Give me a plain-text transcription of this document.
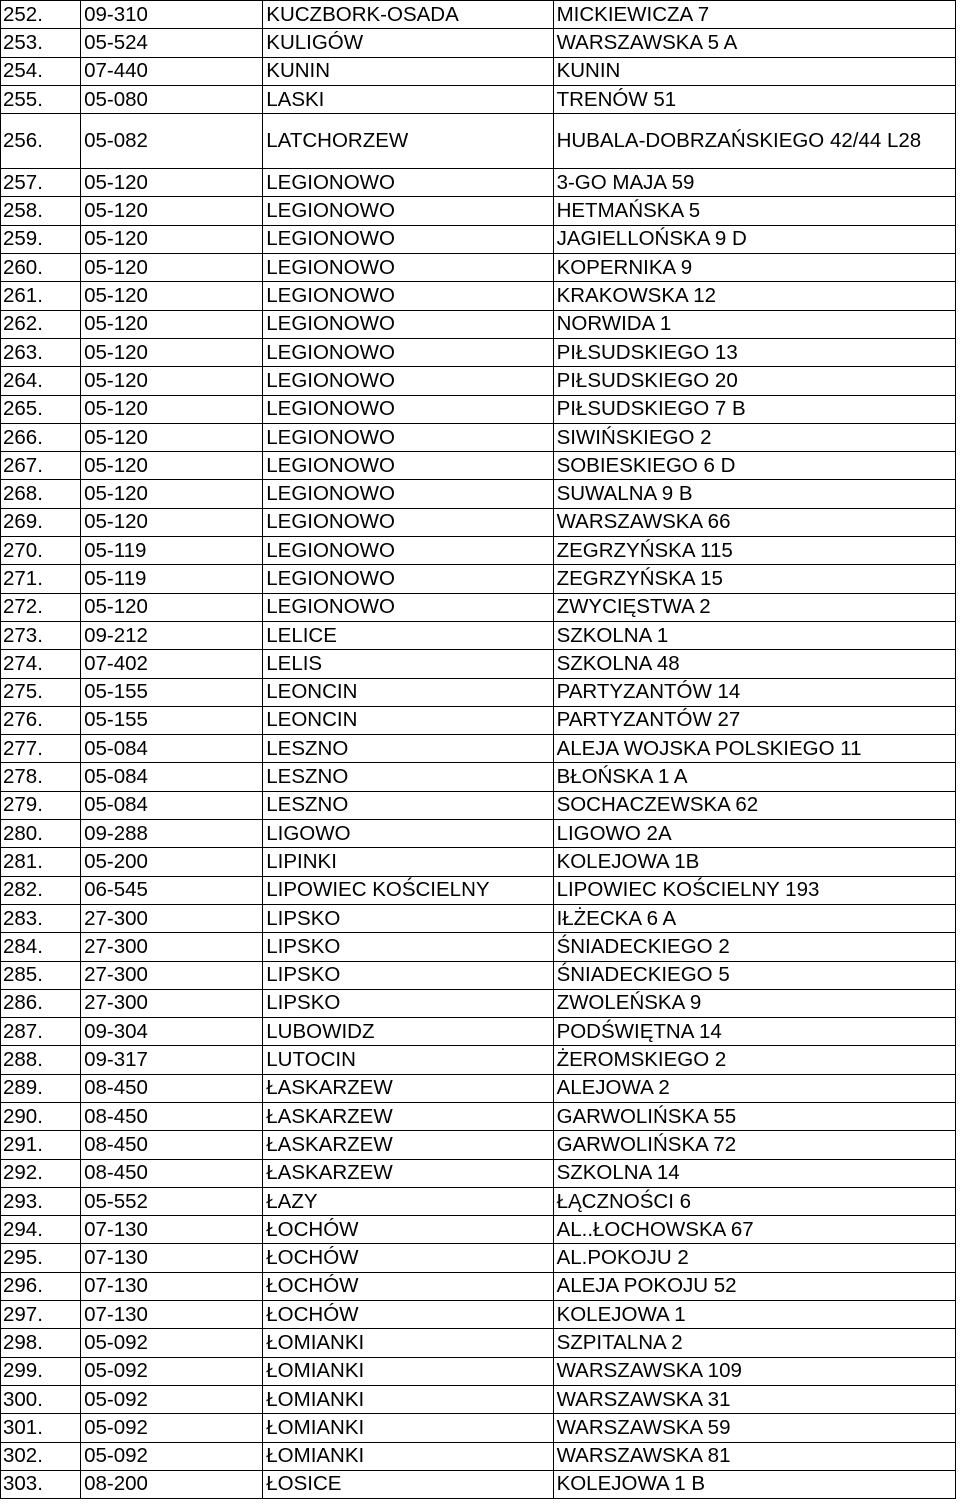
252.	09-310	KUCZBORK-OSADA	MICKIEWICZA 7
253.	05-524	KULIGÓW	WARSZAWSKA 5 A
254.	07-440	KUNIN	KUNIN
255.	05-080	LASKI	TRENÓW 51
256.	05-082	LATCHORZEW	HUBALA-DOBRZAŃSKIEGO 42/44 L28
257.	05-120	LEGIONOWO	3-GO MAJA 59
258.	05-120	LEGIONOWO	HETMAŃSKA 5
259.	05-120	LEGIONOWO	JAGIELLOŃSKA 9 D
260.	05-120	LEGIONOWO	KOPERNIKA 9
261.	05-120	LEGIONOWO	KRAKOWSKA 12
262.	05-120	LEGIONOWO	NORWIDA 1
263.	05-120	LEGIONOWO	PIŁSUDSKIEGO 13
264.	05-120	LEGIONOWO	PIŁSUDSKIEGO 20
265.	05-120	LEGIONOWO	PIŁSUDSKIEGO 7 B
266.	05-120	LEGIONOWO	SIWIŃSKIEGO 2
267.	05-120	LEGIONOWO	SOBIESKIEGO 6 D
268.	05-120	LEGIONOWO	SUWALNA 9 B
269.	05-120	LEGIONOWO	WARSZAWSKA 66
270.	05-119	LEGIONOWO	ZEGRZYŃSKA 115
271.	05-119	LEGIONOWO	ZEGRZYŃSKA 15
272.	05-120	LEGIONOWO	ZWYCIĘSTWA 2
273.	09-212	LELICE	SZKOLNA 1
274.	07-402	LELIS	SZKOLNA 48
275.	05-155	LEONCIN	PARTYZANTÓW 14
276.	05-155	LEONCIN	PARTYZANTÓW 27
277.	05-084	LESZNO	ALEJA WOJSKA POLSKIEGO 11
278.	05-084	LESZNO	BŁOŃSKA 1 A
279.	05-084	LESZNO	SOCHACZEWSKA 62
280.	09-288	LIGOWO	LIGOWO 2A
281.	05-200	LIPINKI	KOLEJOWA 1B
282.	06-545	LIPOWIEC KOŚCIELNY	LIPOWIEC KOŚCIELNY 193
283.	27-300	LIPSKO	IŁŻECKA 6 A
284.	27-300	LIPSKO	ŚNIADECKIEGO 2
285.	27-300	LIPSKO	ŚNIADECKIEGO 5
286.	27-300	LIPSKO	ZWOLEŃSKA 9
287.	09-304	LUBOWIDZ	PODŚWIĘTNA 14
288.	09-317	LUTOCIN	ŻEROMSKIEGO 2
289.	08-450	ŁASKARZEW	ALEJOWA 2
290.	08-450	ŁASKARZEW	GARWOLIŃSKA 55
291.	08-450	ŁASKARZEW	GARWOLIŃSKA 72
292.	08-450	ŁASKARZEW	SZKOLNA 14
293.	05-552	ŁAZY	ŁĄCZNOŚCI 6
294.	07-130	ŁOCHÓW	AL..ŁOCHOWSKA 67
295.	07-130	ŁOCHÓW	AL.POKOJU 2
296.	07-130	ŁOCHÓW	ALEJA POKOJU 52
297.	07-130	ŁOCHÓW	KOLEJOWA 1
298.	05-092	ŁOMIANKI	SZPITALNA 2
299.	05-092	ŁOMIANKI	WARSZAWSKA 109
300.	05-092	ŁOMIANKI	WARSZAWSKA 31
301.	05-092	ŁOMIANKI	WARSZAWSKA 59
302.	05-092	ŁOMIANKI	WARSZAWSKA 81
303.	08-200	ŁOSICE	KOLEJOWA 1 B
